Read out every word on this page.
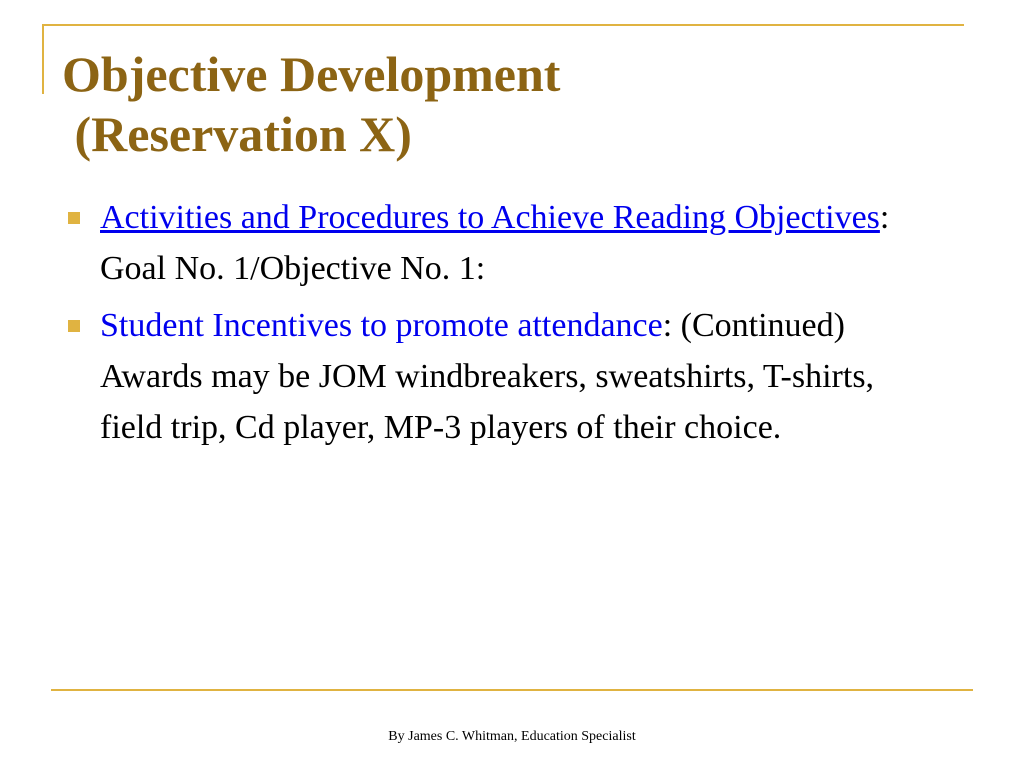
Objective Development
(Reservation X)
Activities and Procedures to Achieve Reading Objectives: Goal No. 1/Objective No. 1:
Student Incentives to promote attendance: (Continued) Awards may be JOM windbreakers, sweatshirts, T-shirts, field trip, Cd player, MP-3 players of their choice.
By James C. Whitman, Education Specialist
